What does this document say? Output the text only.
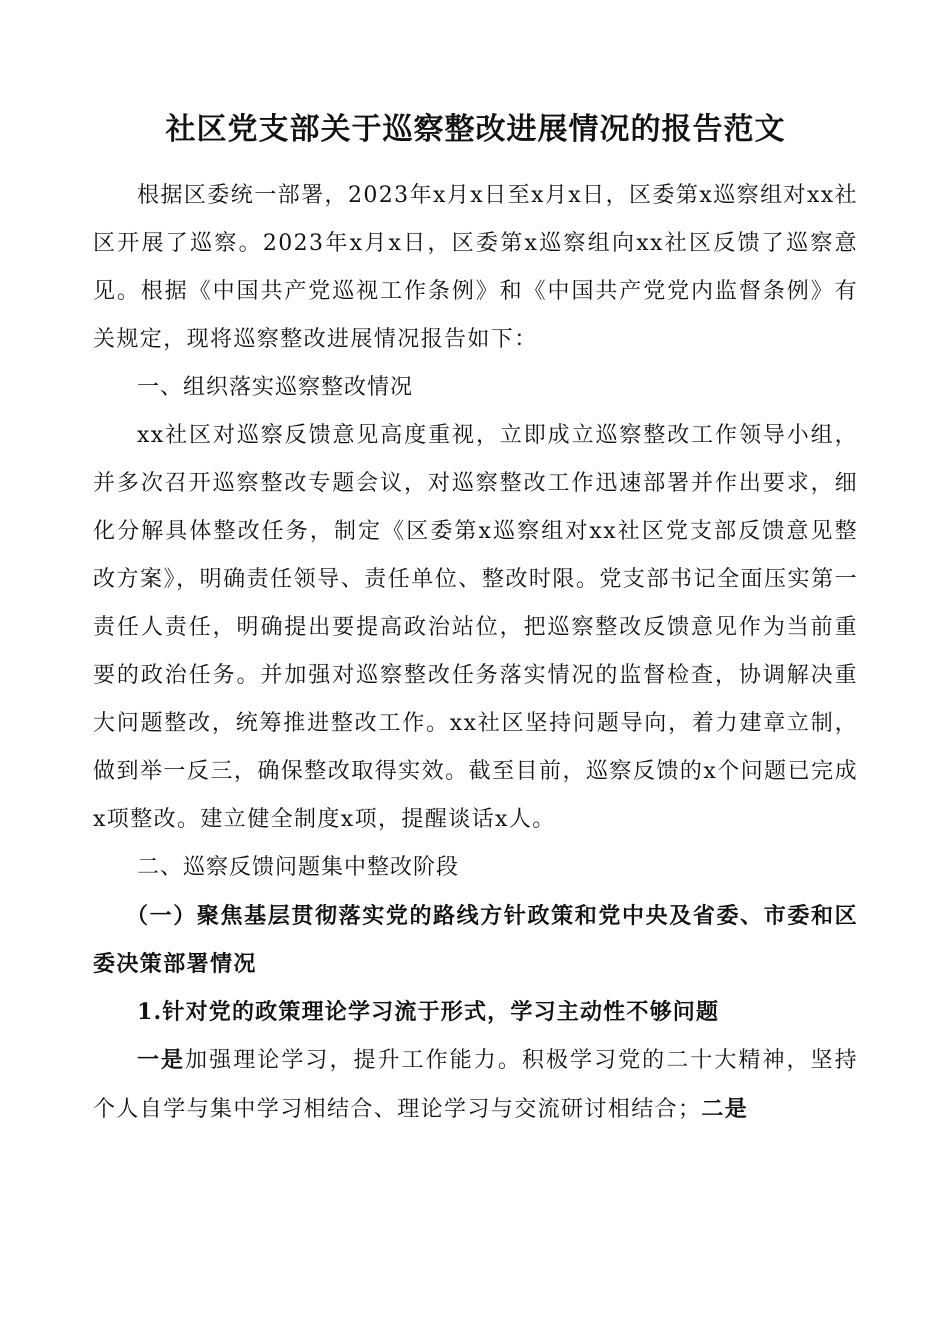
社区党支部关于巡察整改进展情况的报告范文

根据区委统一部署，2023年x月x日至x月x日，区委第x巡察组对xx社区开展了巡察。2023年x月x日，区委第x巡察组向xx社区反馈了巡察意见。根据《中国共产党巡视工作条例》和《中国共产党党内监督条例》有关规定，现将巡察整改进展情况报告如下：

一、组织落实巡察整改情况

xx社区对巡察反馈意见高度重视，立即成立巡察整改工作领导小组，并多次召开巡察整改专题会议，对巡察整改工作迅速部署并作出要求，细化分解具体整改任务，制定《区委第x巡察组对xx社区党支部反馈意见整改方案》，明确责任领导、责任单位、整改时限。党支部书记全面压实第一责任人责任，明确提出要提高政治站位，把巡察整改反馈意见作为当前重要的政治任务。并加强对巡察整改任务落实情况的监督检查，协调解决重大问题整改，统筹推进整改工作。xx社区坚持问题导向，着力建章立制，做到举一反三，确保整改取得实效。截至目前，巡察反馈的x个问题已完成x项整改。建立健全制度x项，提醒谈话x人。

二、巡察反馈问题集中整改阶段

（一）聚焦基层贯彻落实党的路线方针政策和党中央及省委、市委和区委决策部署情况

1.针对党的政策理论学习流于形式，学习主动性不够问题

一是加强理论学习，提升工作能力。积极学习党的二十大精神，坚持个人自学与集中学习相结合、理论学习与交流研讨相结合；二是
